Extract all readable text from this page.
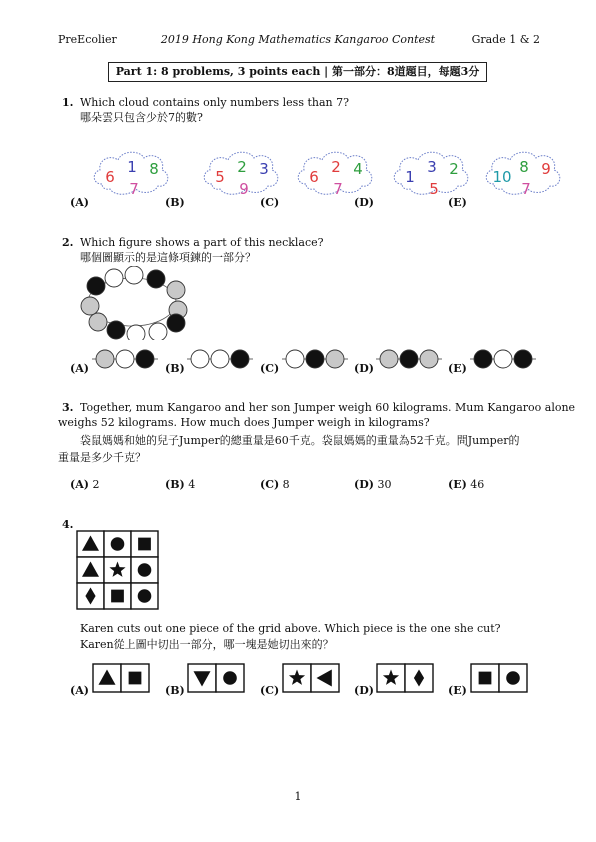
PreEcolier	2019 Hong Kong Mathematics Kangaroo Contest	Grade 1 & 2
Part 1: 8 problems, 3 points each | 第一部分：8道題目，每題3分
1. Which cloud contains only numbers less than 7?
哪朵雲只包含少於7的數?
6
1 8
7
(A)
5
2 3
9
(B)
6
2 4
7
(C)
1
3 2
5
(D)
10
8 9
7
(E)
2. Which figure shows a part of this necklace?
哪個圖顯示的是這條項鍊的一部分？
(A)	(B)	(C)	(D)	(E)
3. Together, mum Kangaroo and her son Jumper weigh 60 kilograms. Mum Kangaroo alone
weighs 52 kilograms. How much does Jumper weigh in kilograms?
袋鼠媽媽和她的兒子Jumper的總重量是60千克。袋鼠媽媽的重量為52千克。問Jumper的
重量是多少千克？
(A) 2	(B) 4	(C) 8	(D) 30	(E) 46
4.
Karen cuts out one piece of the grid above. Which piece is the one she cut?
Karen從上圖中切出一部分，哪一塊是她切出來的？
(A)	(B)	(C)	(D)	(E)
1
